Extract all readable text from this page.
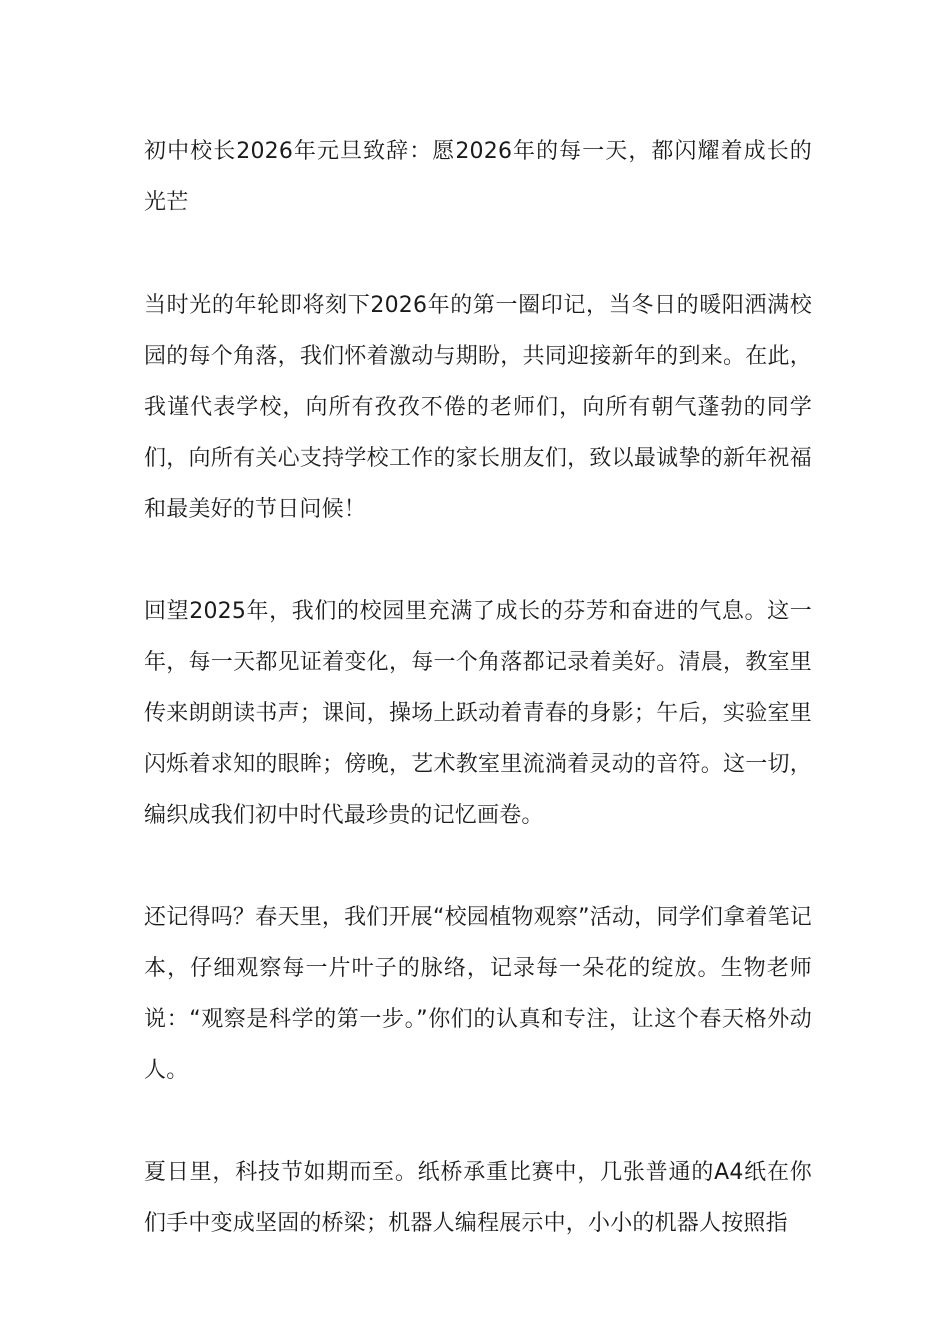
初中校长2026年元旦致辞：愿2026年的每一天，都闪耀着成长的光芒

当时光的年轮即将刻下2026年的第一圈印记，当冬日的暖阳洒满校园的每个角落，我们怀着激动与期盼，共同迎接新年的到来。在此，我谨代表学校，向所有孜孜不倦的老师们，向所有朝气蓬勃的同学们，向所有关心支持学校工作的家长朋友们，致以最诚挚的新年祝福和最美好的节日问候！

回望2025年，我们的校园里充满了成长的芬芳和奋进的气息。这一年，每一天都见证着变化，每一个角落都记录着美好。清晨，教室里传来朗朗读书声；课间，操场上跃动着青春的身影；午后，实验室里闪烁着求知的眼眸；傍晚，艺术教室里流淌着灵动的音符。这一切，编织成我们初中时代最珍贵的记忆画卷。

还记得吗？春天里，我们开展“校园植物观察”活动，同学们拿着笔记本，仔细观察每一片叶子的脉络，记录每一朵花的绽放。生物老师说：“观察是科学的第一步。”你们的认真和专注，让这个春天格外动人。

夏日里，科技节如期而至。纸桥承重比赛中，几张普通的A4纸在你们手中变成坚固的桥梁；机器人编程展示中，小小的机器人按照指
